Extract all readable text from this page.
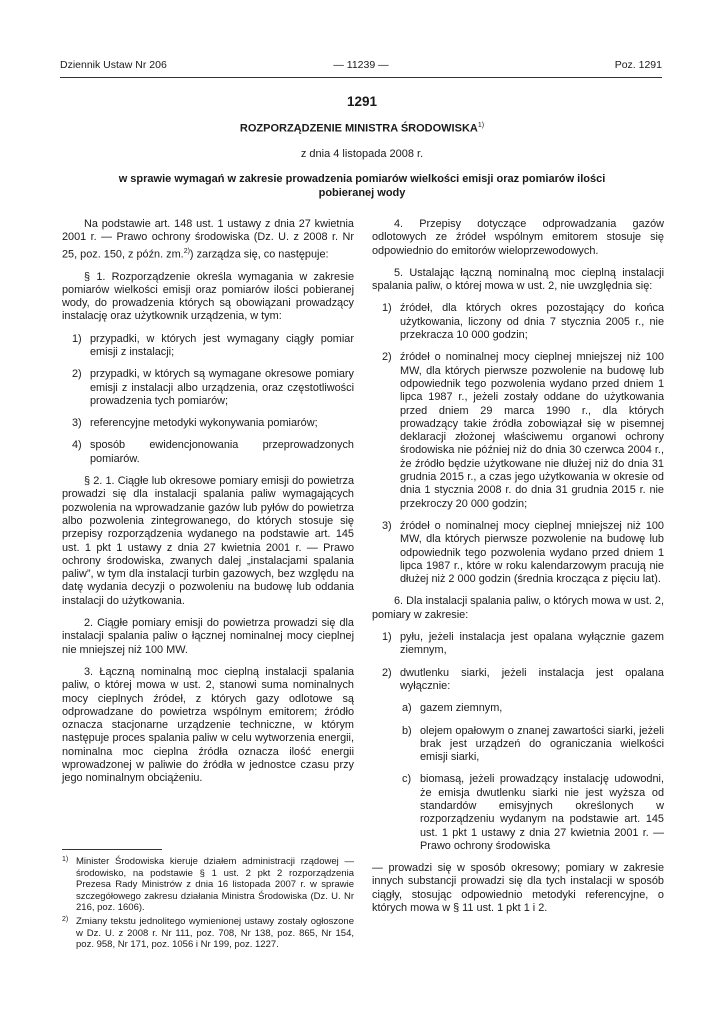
Dziennik Ustaw Nr 206	— 11239 —	Poz. 1291
1291
ROZPORZĄDZENIE MINISTRA ŚRODOWISKA$^{1)}$
z dnia 4 listopada 2008 r.
w sprawie wymagań w zakresie prowadzenia pomiarów wielkości emisji oraz pomiarów ilości pobieranej wody

Na podstawie art. 148 ust. 1 ustawy z dnia 27 kwietnia 2001 r. — Prawo ochrony środowiska (Dz. U. z 2008 r. Nr 25, poz. 150, z późn. zm.$^{2)}$) zarządza się, co następuje:

§ 1. Rozporządzenie określa wymagania w zakresie pomiarów wielkości emisji oraz pomiarów ilości pobieranej wody, do prowadzenia których są obowiązani prowadzący instalację oraz użytkownik urządzenia, w tym:

1) przypadki, w których jest wymagany ciągły pomiar emisji z instalacji;
2) przypadki, w których są wymagane okresowe pomiary emisji z instalacji albo urządzenia, oraz częstotliwości prowadzenia tych pomiarów;
3) referencyjne metodyki wykonywania pomiarów;
4) sposób ewidencjonowania przeprowadzonych pomiarów.

§ 2. 1. Ciągłe lub okresowe pomiary emisji do powietrza prowadzi się dla instalacji spalania paliw wymagających pozwolenia na wprowadzanie gazów lub pyłów do powietrza albo pozwolenia zintegrowanego, do których stosuje się przepisy rozporządzenia wydanego na podstawie art. 145 ust. 1 pkt 1 ustawy z dnia 27 kwietnia 2001 r. — Prawo ochrony środowiska, zwanych dalej „instalacjami spalania paliw”, w tym dla instalacji turbin gazowych, bez względu na datę wydania decyzji o pozwoleniu na budowę lub oddania instalacji do użytkowania.

2. Ciągłe pomiary emisji do powietrza prowadzi się dla instalacji spalania paliw o łącznej nominalnej mocy cieplnej nie mniejszej niż 100 MW.

3. Łączną nominalną moc cieplną instalacji spalania paliw, o której mowa w ust. 2, stanowi suma nominalnych mocy cieplnych źródeł, z których gazy odlotowe są odprowadzane do powietrza wspólnym emitorem; źródło oznacza stacjonarne urządzenie techniczne, w którym następuje proces spalania paliw w celu wytworzenia energii, nominalna moc cieplna źródła oznacza ilość energii wprowadzonej w paliwie do źródła w jednostce czasu przy jego nominalnym obciążeniu.

1) Minister Środowiska kieruje działem administracji rządowej — środowisko, na podstawie § 1 ust. 2 pkt 2 rozporządzenia Prezesa Rady Ministrów z dnia 16 listopada 2007 r. w sprawie szczegółowego zakresu działania Ministra Środowiska (Dz. U. Nr 216, poz. 1606).
2) Zmiany tekstu jednolitego wymienionej ustawy zostały ogłoszone w Dz. U. z 2008 r. Nr 111, poz. 708, Nr 138, poz. 865, Nr 154, poz. 958, Nr 171, poz. 1056 i Nr 199, poz. 1227.

4. Przepisy dotyczące odprowadzania gazów odlotowych ze źródeł wspólnym emitorem stosuje się odpowiednio do emitorów wieloprzewodowych.

5. Ustalając łączną nominalną moc cieplną instalacji spalania paliw, o której mowa w ust. 2, nie uwzględnia się:

1) źródeł, dla których okres pozostający do końca użytkowania, liczony od dnia 7 stycznia 2005 r., nie przekracza 10 000 godzin;
2) źródeł o nominalnej mocy cieplnej mniejszej niż 100 MW, dla których pierwsze pozwolenie na budowę lub odpowiednik tego pozwolenia wydano przed dniem 1 lipca 1987 r., jeżeli zostały oddane do użytkowania przed dniem 29 marca 1990 r., dla których prowadzący takie źródła zobowiązał się w pisemnej deklaracji złożonej właściwemu organowi ochrony środowiska nie później niż do dnia 30 czerwca 2004 r., że źródło będzie użytkowane nie dłużej niż do dnia 31 grudnia 2015 r., a czas jego użytkowania w okresie od dnia 1 stycznia 2008 r. do dnia 31 grudnia 2015 r. nie przekroczy 20 000 godzin;
3) źródeł o nominalnej mocy cieplnej mniejszej niż 100 MW, dla których pierwsze pozwolenie na budowę lub odpowiednik tego pozwolenia wydano przed dniem 1 lipca 1987 r., które w roku kalendarzowym pracują nie dłużej niż 2 000 godzin (średnia krocząca z pięciu lat).

6. Dla instalacji spalania paliw, o których mowa w ust. 2, pomiary w zakresie:

1) pyłu, jeżeli instalacja jest opalana wyłącznie gazem ziemnym,
2) dwutlenku siarki, jeżeli instalacja jest opalana wyłącznie:
a) gazem ziemnym,
b) olejem opałowym o znanej zawartości siarki, jeżeli brak jest urządzeń do ograniczania wielkości emisji siarki,
c) biomasą, jeżeli prowadzący instalację udowodni, że emisja dwutlenku siarki nie jest wyższa od standardów emisyjnych określonych w rozporządzeniu wydanym na podstawie art. 145 ust. 1 pkt 1 ustawy z dnia 27 kwietnia 2001 r. — Prawo ochrony środowiska

— prowadzi się w sposób okresowy; pomiary w zakresie innych substancji prowadzi się dla tych instalacji w sposób ciągły, stosując odpowiednio metodyki referencyjne, o których mowa w § 11 ust. 1 pkt 1 i 2.
